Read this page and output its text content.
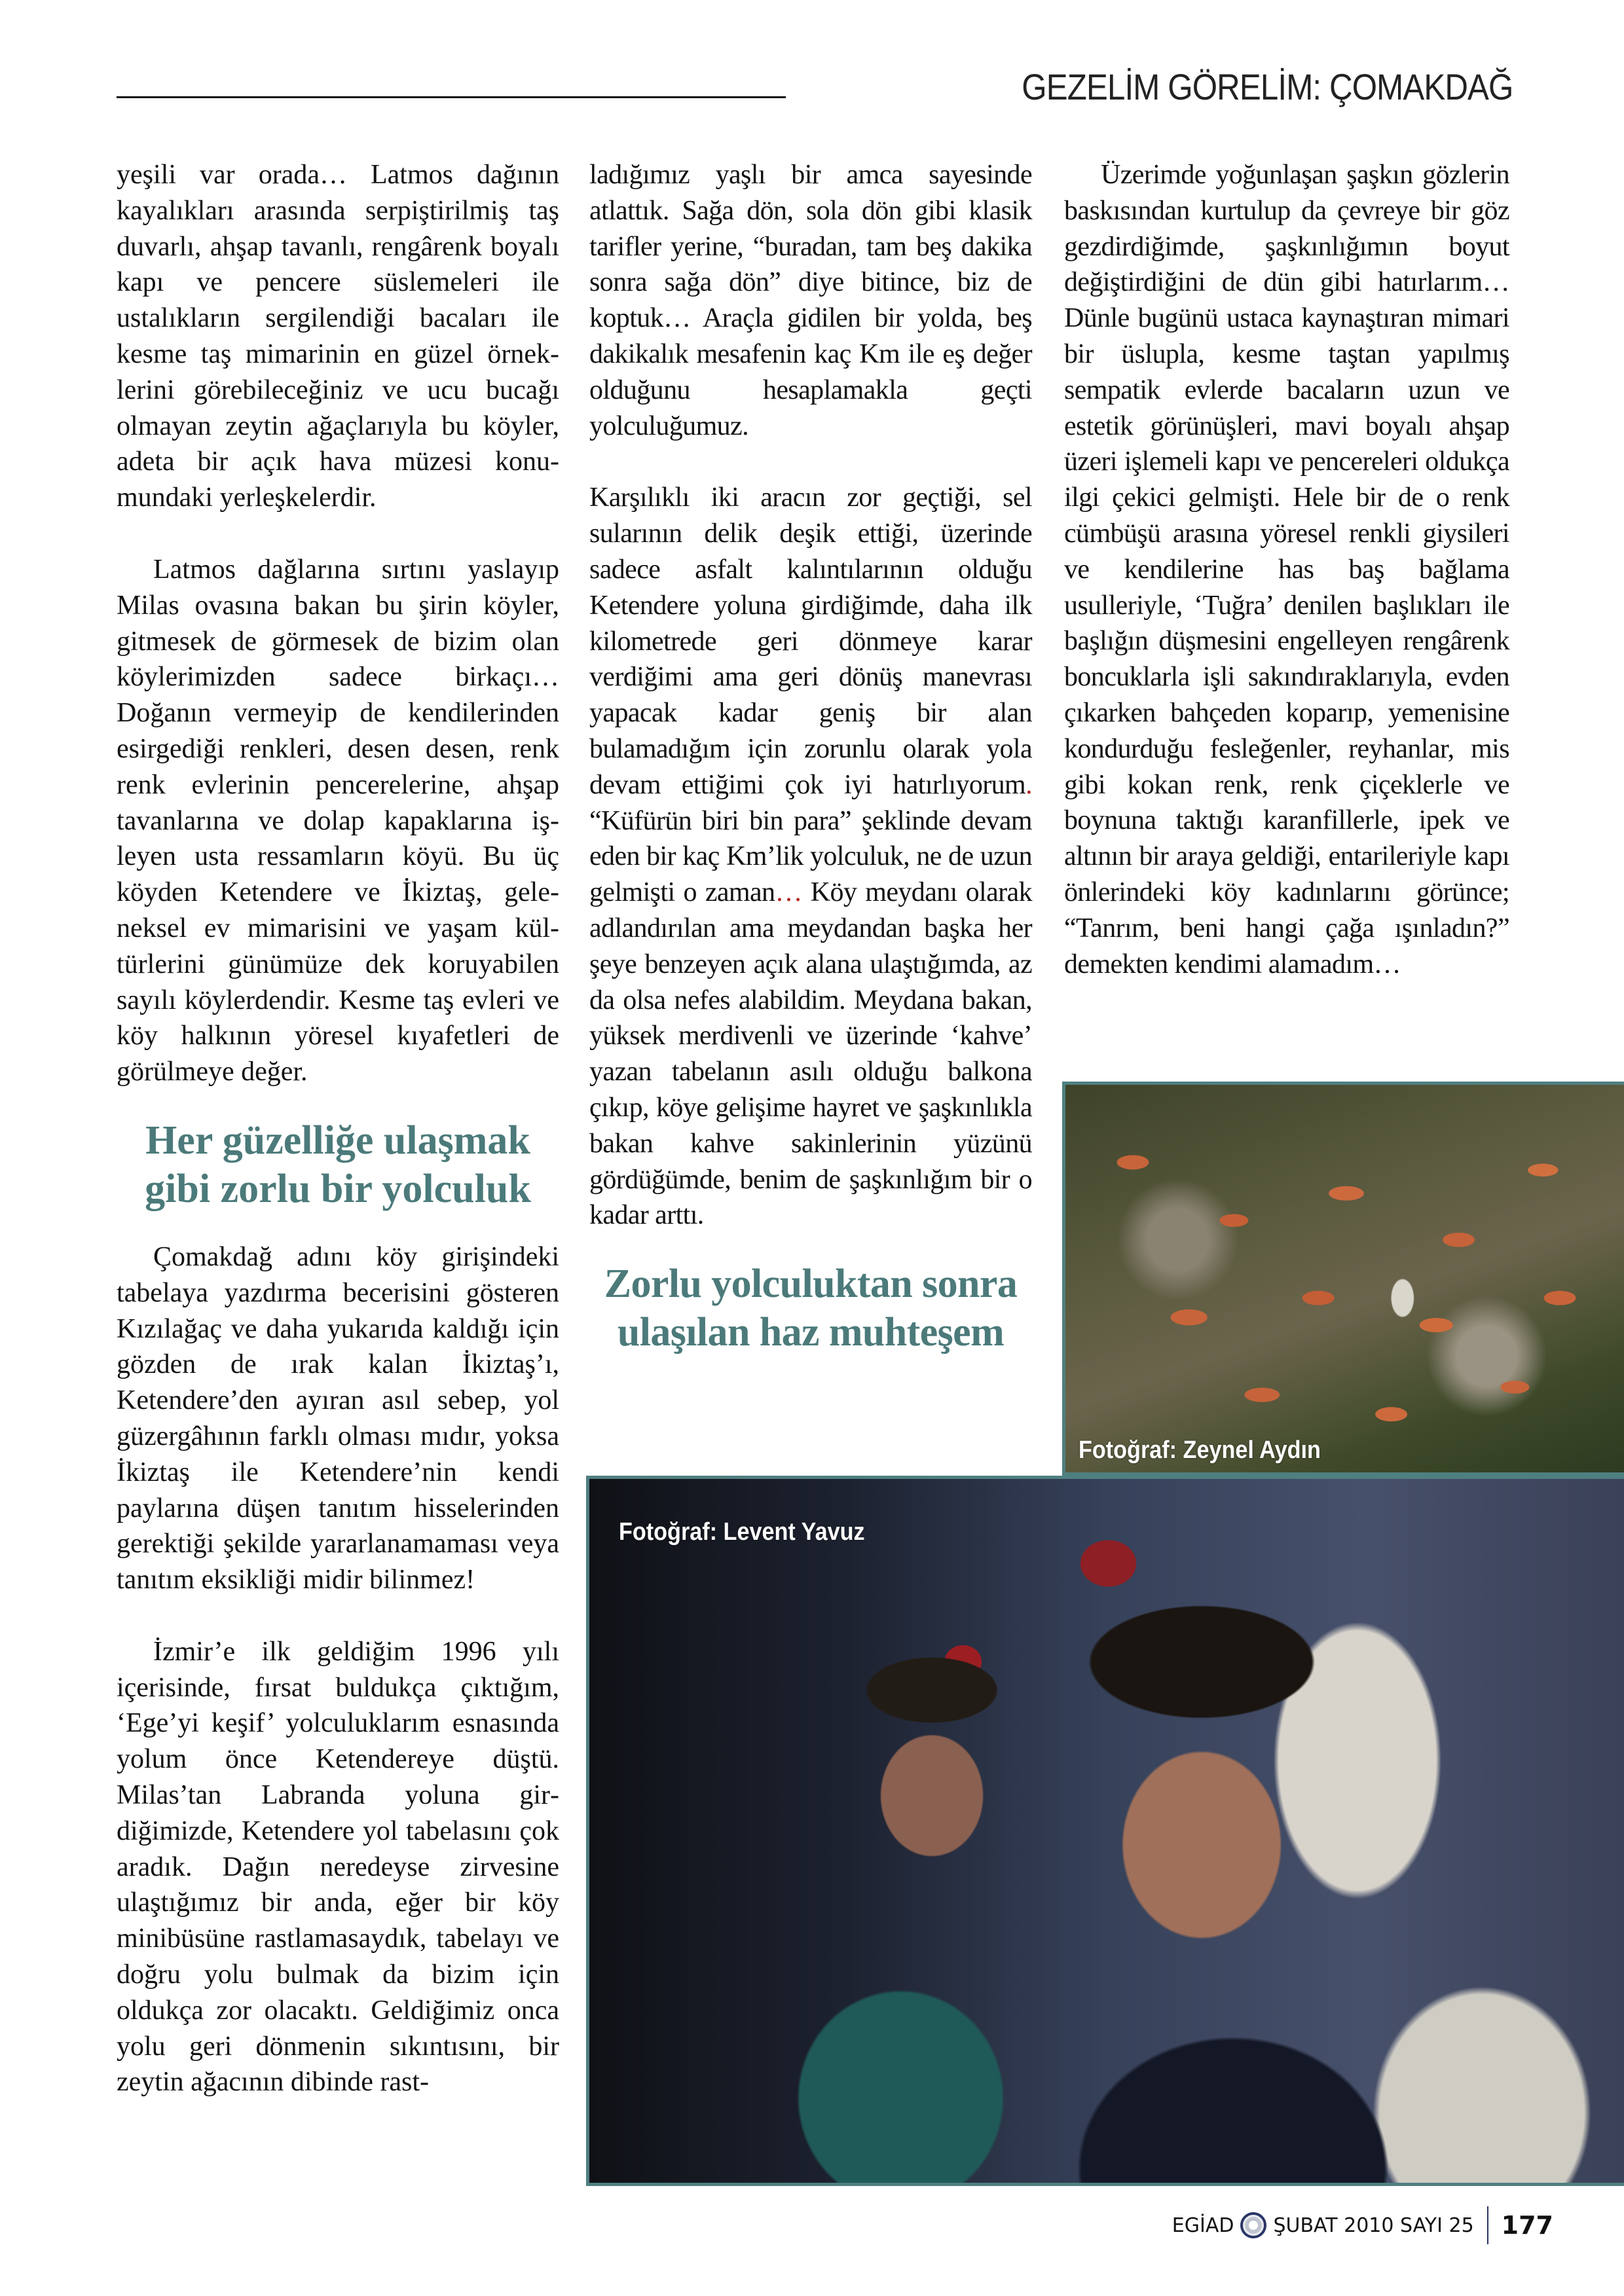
GEZELİM GÖRELİM: ÇOMAKDAĞ

yeşili var orada… Latmos dağının kayalıkları arasında serpiştirilmiş taş duvarlı, ahşap tavanlı, rengârenk boyalı kapı ve pencere süslemeleri ile ustalıkların sergilendiği bacaları ile kesme taş mimarinin en güzel örneklerini görebileceğiniz ve ucu bucağı olmayan zeytin ağaçlarıyla bu köyler, adeta bir açık hava müzesi konumundaki yerleşkelerdir.

Latmos dağlarına sırtını yaslayıp Milas ovasına bakan bu şirin köyler, gitmesek de görmesek de bizim olan köylerimizden sadece birkaçı… Doğanın vermeyip de kendilerinden esirgediği renkleri, desen desen, renk renk evlerinin pencerelerine, ahşap tavanlarına ve dolap kapaklarına işleyen usta ressamların köyü. Bu üç köyden Ketendere ve İkiztaş, geleneksel ev mimarisini ve yaşam kültürlerini günümüze dek koruyabilen sayılı köylerdendir. Kesme taş evleri ve köy halkının yöresel kıyafetleri de görülmeye değer.

Her güzelliğe ulaşmak gibi zorlu bir yolculuk

Çomakdağ adını köy girişindeki tabelaya yazdırma becerisini gösteren Kızılağaç ve daha yukarıda kaldığı için gözden de ırak kalan İkiztaş’ı, Ketendere’den ayıran asıl sebep, yol güzergâhının farklı olması mıdır, yoksa İkiztaş ile Ketendere’nin kendi paylarına düşen tanıtım hisselerinden gerektiği şekilde yararlanamaması veya tanıtım eksikliği midir bilinmez!

İzmir’e ilk geldiğim 1996 yılı içerisinde, fırsat buldukça çıktığım, ‘Ege’yi keşif’ yolculuklarım esnasında yolum önce Ketendereye düştü. Milas’tan Labranda yoluna girdiğimizde, Ketendere yol tabelasını çok aradık. Dağın neredeyse zirvesine ulaştığımız bir anda, eğer bir köy minibüsüne rastlamasaydık, tabelayı ve doğru yolu bulmak da bizim için oldukça zor olacaktı. Geldiğimiz onca yolu geri dönmenin sıkıntısını, bir zeytin ağacının dibinde rast-

ladığımız yaşlı bir amca sayesinde atlattık. Sağa dön, sola dön gibi klasik tarifler yerine, “buradan, tam beş dakika sonra sağa dön” diye bitince, biz de koptuk… Araçla gidilen bir yolda, beş dakikalık mesafenin kaç Km ile eş değer olduğunu hesaplamakla geçti yolculuğumuz.

Karşılıklı iki aracın zor geçtiği, sel sularının delik deşik ettiği, üzerinde sadece asfalt kalıntılarının olduğu Ketendere yoluna girdiğimde, daha ilk kilometrede geri dönmeye karar verdiğimi ama geri dönüş manevrası yapacak kadar geniş bir alan bulamadığım için zorunlu olarak yola devam ettiğimi çok iyi hatırlıyorum. “Küfürün biri bin para” şeklinde devam eden bir kaç Km’lik yolculuk, ne de uzun gelmişti o zaman… Köy meydanı olarak adlandırılan ama meydandan başka her şeye benzeyen açık alana ulaştığımda, az da olsa nefes alabildim. Meydana bakan, yüksek merdivenli ve üzerinde ‘kahve’ yazan tabelanın asılı olduğu balkona çıkıp, köye gelişime hayret ve şaşkınlıkla bakan kahve sakinlerinin yüzünü gördüğümde, benim de şaşkınlığım bir o kadar arttı.

Zorlu yolculuktan sonra ulaşılan haz muhteşem

Üzerimde yoğunlaşan şaşkın gözlerin baskısından kurtulup da çevreye bir göz gezdirdiğimde, şaşkınlığımın boyut değiştirdiğini de dün gibi hatırlarım… Dünle bugünü ustaca kaynaştıran mimari bir üslupla, kesme taştan yapılmış sempatik evlerde bacaların uzun ve estetik görünüşleri, mavi boyalı ahşap üzeri işlemeli kapı ve pencereleri oldukça ilgi çekici gelmişti. Hele bir de o renk cümbüşü arasına yöresel renkli giysileri ve kendilerine has baş bağlama usulleriyle, ‘Tuğra’ denilen başlıkları ile başlığın düşmesini engelleyen rengârenk boncuklarla işli sakındıraklarıyla, evden çıkarken bahçeden koparıp, yemenisine kondurduğu fesleğenler, reyhanlar, mis gibi kokan renk, renk çiçeklerle ve boynuna taktığı karanfillerle, ipek ve altının bir araya geldiği, entarileriyle kapı önlerindeki köy kadınlarını görünce; “Tanrım, beni hangi çağa ışınladın?” demekten kendimi alamadım…

Fotoğraf: Zeynel Aydın
Fotoğraf: Levent Yavuz
EGİAD ŞUBAT 2010 SAYI 25 177
